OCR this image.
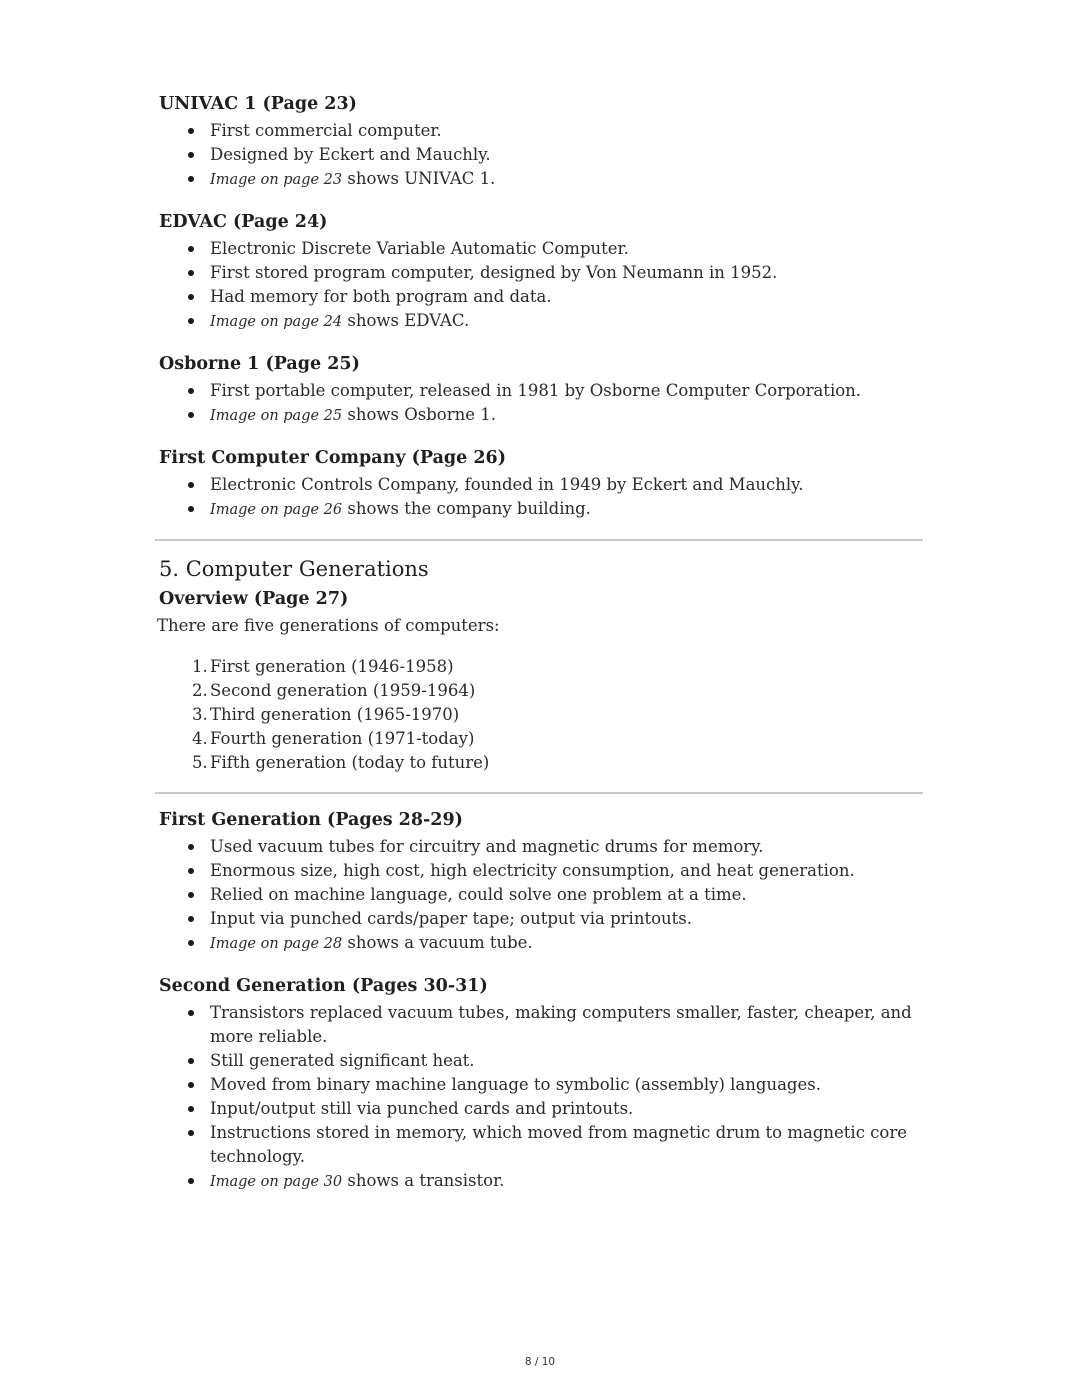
UNIVAC 1 (Page 23)
First commercial computer.
Designed by Eckert and Mauchly.
Image on page 23 shows UNIVAC 1.
EDVAC (Page 24)
Electronic Discrete Variable Automatic Computer.
First stored program computer, designed by Von Neumann in 1952.
Had memory for both program and data.
Image on page 24 shows EDVAC.
Osborne 1 (Page 25)
First portable computer, released in 1981 by Osborne Computer Corporation.
Image on page 25 shows Osborne 1.
First Computer Company (Page 26)
Electronic Controls Company, founded in 1949 by Eckert and Mauchly.
Image on page 26 shows the company building.
5. Computer Generations
Overview (Page 27)

There are five generations of computers:

1. First generation (1946-1958)
2. Second generation (1959-1964)
3. Third generation (1965-1970)
4. Fourth generation (1971-today)
5. Fifth generation (today to future)
First Generation (Pages 28-29)
Used vacuum tubes for circuitry and magnetic drums for memory.
Enormous size, high cost, high electricity consumption, and heat generation.
Relied on machine language, could solve one problem at a time.
Input via punched cards/paper tape; output via printouts.
Image on page 28 shows a vacuum tube.
Second Generation (Pages 30-31)
Transistors replaced vacuum tubes, making computers smaller, faster, cheaper, and more reliable.
Still generated significant heat.
Moved from binary machine language to symbolic (assembly) languages.
Input/output still via punched cards and printouts.
Instructions stored in memory, which moved from magnetic drum to magnetic core technology.
Image on page 30 shows a transistor.
8 / 10
